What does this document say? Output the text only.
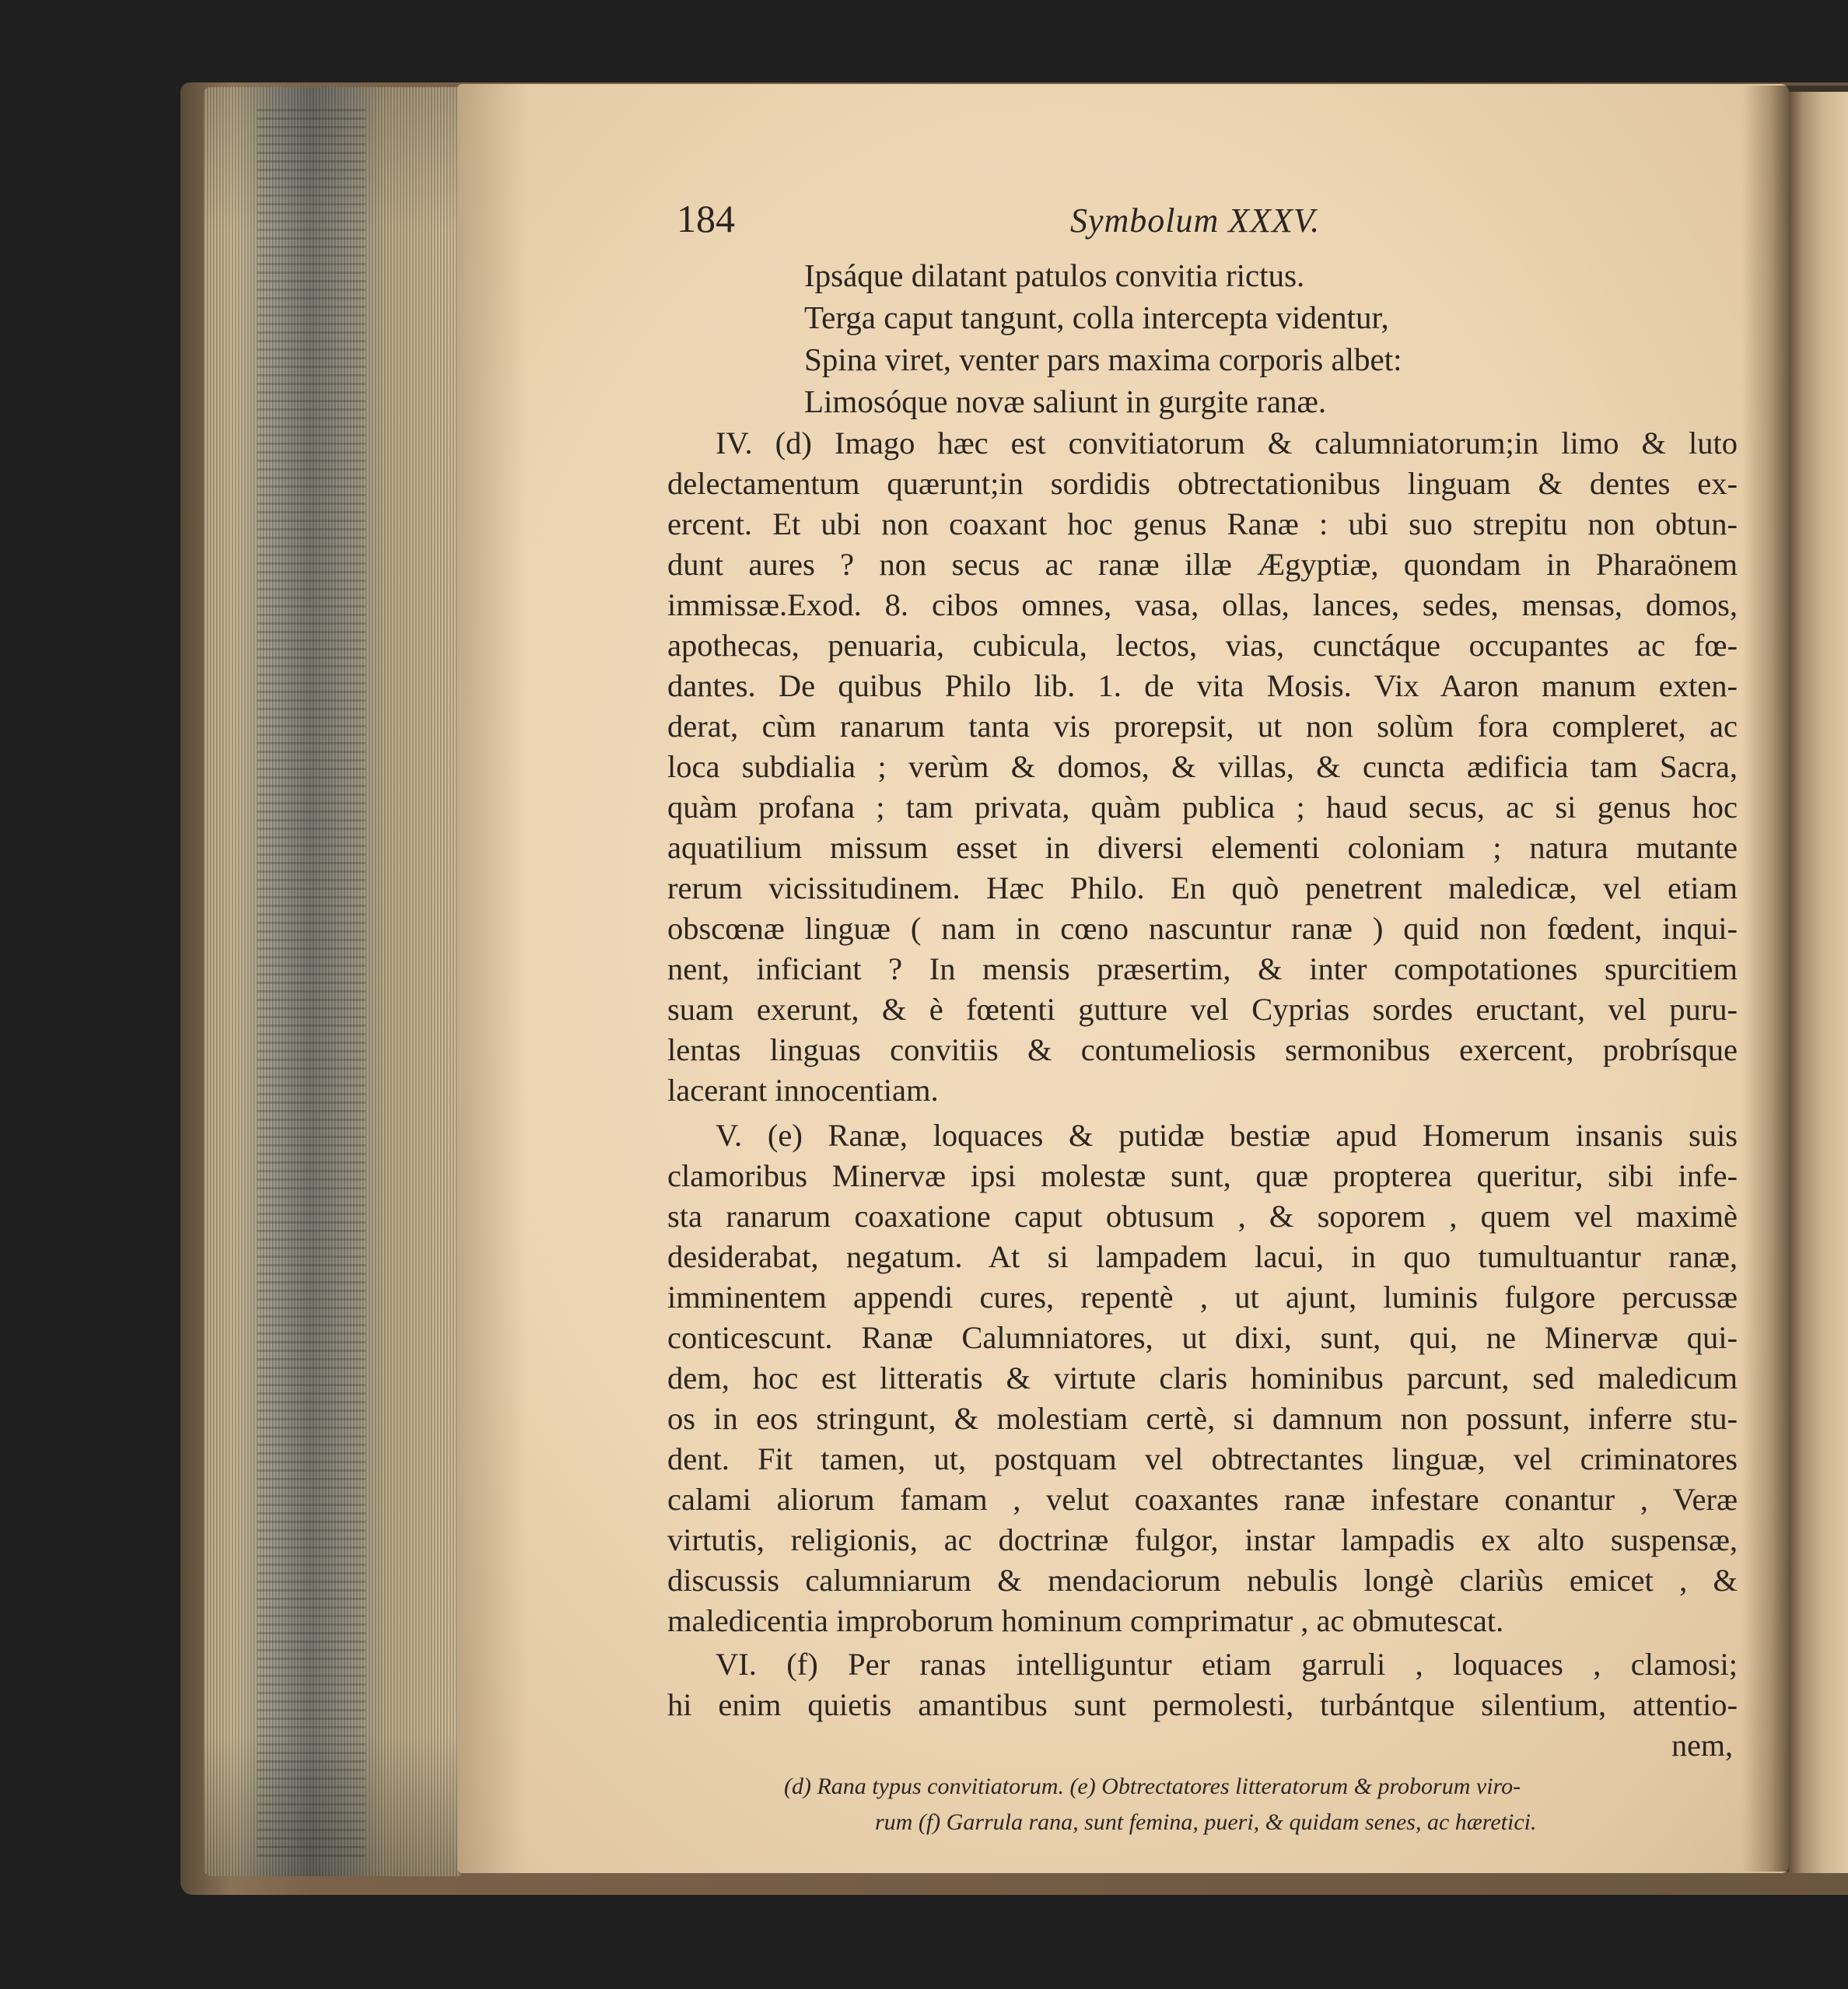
184	Symbolum XXXV.
Ipsáque dilatant patulos convitia rictus.
Terga caput tangunt, colla intercepta videntur,
Spina viret, venter pars maxima corporis albet:
Limosóque novæ saliunt in gurgite ranæ.
IV. (d) Imago hæc est convitiatorum & calumniatorum;in limo & luto
delectamentum quærunt;in sordidis obtrectationibus linguam & dentes ex-
ercent. Et ubi non coaxant hoc genus Ranæ : ubi suo strepitu non obtun-
dunt aures ? non secus ac ranæ illæ Ægyptiæ, quondam in Pharaönem
immissæ.Exod. 8. cibos omnes, vasa, ollas, lances, sedes, mensas, domos,
apothecas, penuaria, cubicula, lectos, vias, cunctáque occupantes ac fœ-
dantes. De quibus Philo lib. 1. de vita Mosis. Vix Aaron manum exten-
derat, cùm ranarum tanta vis prorepsit, ut non solùm fora compleret, ac
loca subdialia ; verùm & domos, & villas, & cuncta ædificia tam Sacra,
quàm profana ; tam privata, quàm publica ; haud secus, ac si genus hoc
aquatilium missum esset in diversi elementi coloniam ; natura mutante
rerum vicissitudinem. Hæc Philo. En quò penetrent maledicæ, vel etiam
obscœnæ linguæ ( nam in cœno nascuntur ranæ ) quid non fœdent, inqui-
nent, inficiant ? In mensis præsertim, & inter compotationes spurcitiem
suam exerunt, & è fœtenti gutture vel Cyprias sordes eructant, vel puru-
lentas linguas convitiis & contumeliosis sermonibus exercent, probrísque
lacerant innocentiam.
V. (e) Ranæ, loquaces & putidæ bestiæ apud Homerum insanis suis
clamoribus Minervæ ipsi molestæ sunt, quæ propterea queritur, sibi infe-
sta ranarum coaxatione caput obtusum , & soporem , quem vel maximè
desiderabat, negatum. At si lampadem lacui, in quo tumultuantur ranæ,
imminentem appendi cures, repentè , ut ajunt, luminis fulgore percussæ
conticescunt. Ranæ Calumniatores, ut dixi, sunt, qui, ne Minervæ qui-
dem, hoc est litteratis & virtute claris hominibus parcunt, sed maledicum
os in eos stringunt, & molestiam certè, si damnum non possunt, inferre stu-
dent. Fit tamen, ut, postquam vel obtrectantes linguæ, vel criminatores
calami aliorum famam , velut coaxantes ranæ infestare conantur , Veræ
virtutis, religionis, ac doctrinæ fulgor, instar lampadis ex alto suspensæ,
discussis calumniarum & mendaciorum nebulis longè clariùs emicet , &
maledicentia improborum hominum comprimatur , ac obmutescat.
VI. (f) Per ranas intelliguntur etiam garruli , loquaces , clamosi;
hi enim quietis amantibus sunt permolesti, turbántque silentium, attentio-
nem,
(d) Rana typus convitiatorum. (e) Obtrectatores litteratorum & proborum viro-
rum (f) Garrula rana, sunt femina, pueri, & quidam senes, ac hæretici.
